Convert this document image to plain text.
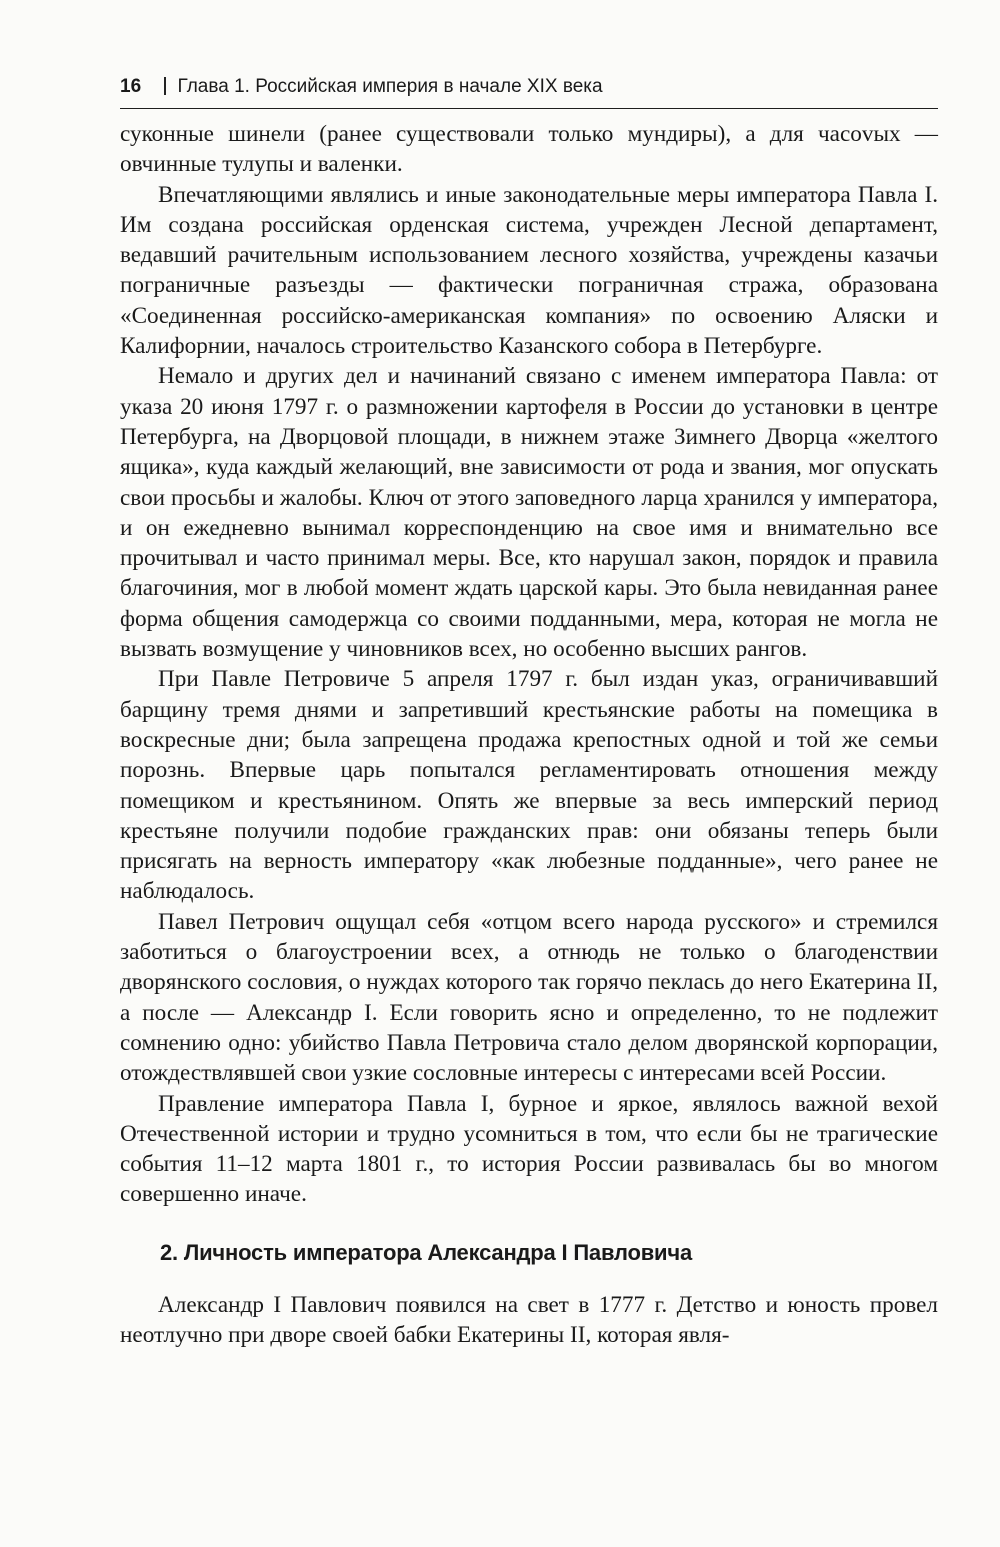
16 Глава 1. Российская империя в начале XIX века

суконные шинели (ранее существовали только мундиры), а для часоvых — овчинные тулупы и валенки.

Впечатляющими являлись и иные законодательные меры императора Павла I. Им создана российская орденская система, учрежден Лесной департамент, ведавший рачительным использованием лесного хозяйства, учреждены казачьи пограничные разъезды — фактически пограничная стража, образована «Соединенная российско-американская компания» по освоению Аляски и Калифорнии, началось строительство Казанского собора в Петербурге.

Немало и других дел и начинаний связано с именем императора Павла: от указа 20 июня 1797 г. о размножении картофеля в России до установки в центре Петербурга, на Дворцовой площади, в нижнем этаже Зимнего Дворца «желтого ящика», куда каждый желающий, вне зависимости от рода и звания, мог опускать свои просьбы и жалобы. Ключ от этого заповедного ларца хранился у императора, и он ежедневно вынимал корреспонденцию на свое имя и внимательно все прочитывал и часто принимал меры. Все, кто нарушал закон, порядок и правила благочиния, мог в любой момент ждать царской кары. Это была невиданная ранее форма общения самодержца со своими подданными, мера, которая не могла не вызвать возмущение у чиновников всех, но особенно высших рангов.

При Павле Петровиче 5 апреля 1797 г. был издан указ, ограничивавший барщину тремя днями и запретивший крестьянские работы на помещика в воскресные дни; была запрещена продажа крепостных одной и той же семьи порознь. Впервые царь попытался регламентировать отношения между помещиком и крестьянином. Опять же впервые за весь имперский период крестьяне получили подобие гражданских прав: они обязаны теперь были присягать на верность императору «как любезные подданные», чего ранее не наблюдалось.

Павел Петрович ощущал себя «отцом всего народа русского» и стремился заботиться о благоустроении всех, а отнюдь не только о благоденствии дворянского сословия, о нуждах которого так горячо пеклась до него Екатерина II, а после — Александр I. Если говорить ясно и определенно, то не подлежит сомнению одно: убийство Павла Петровича стало делом дворянской корпорации, отождествлявшей свои узкие сословные интересы с интересами всей России.

Правление императора Павла I, бурное и яркое, являлось важной вехой Отечественной истории и трудно усомниться в том, что если бы не трагические события 11–12 марта 1801 г., то история России развивалась бы во многом совершенно иначе.

2. Личность императора Александра I Павловича

Александр I Павлович появился на свет в 1777 г. Детство и юность провел неотлучно при дворе своей бабки Екатерины II, которая явля-
